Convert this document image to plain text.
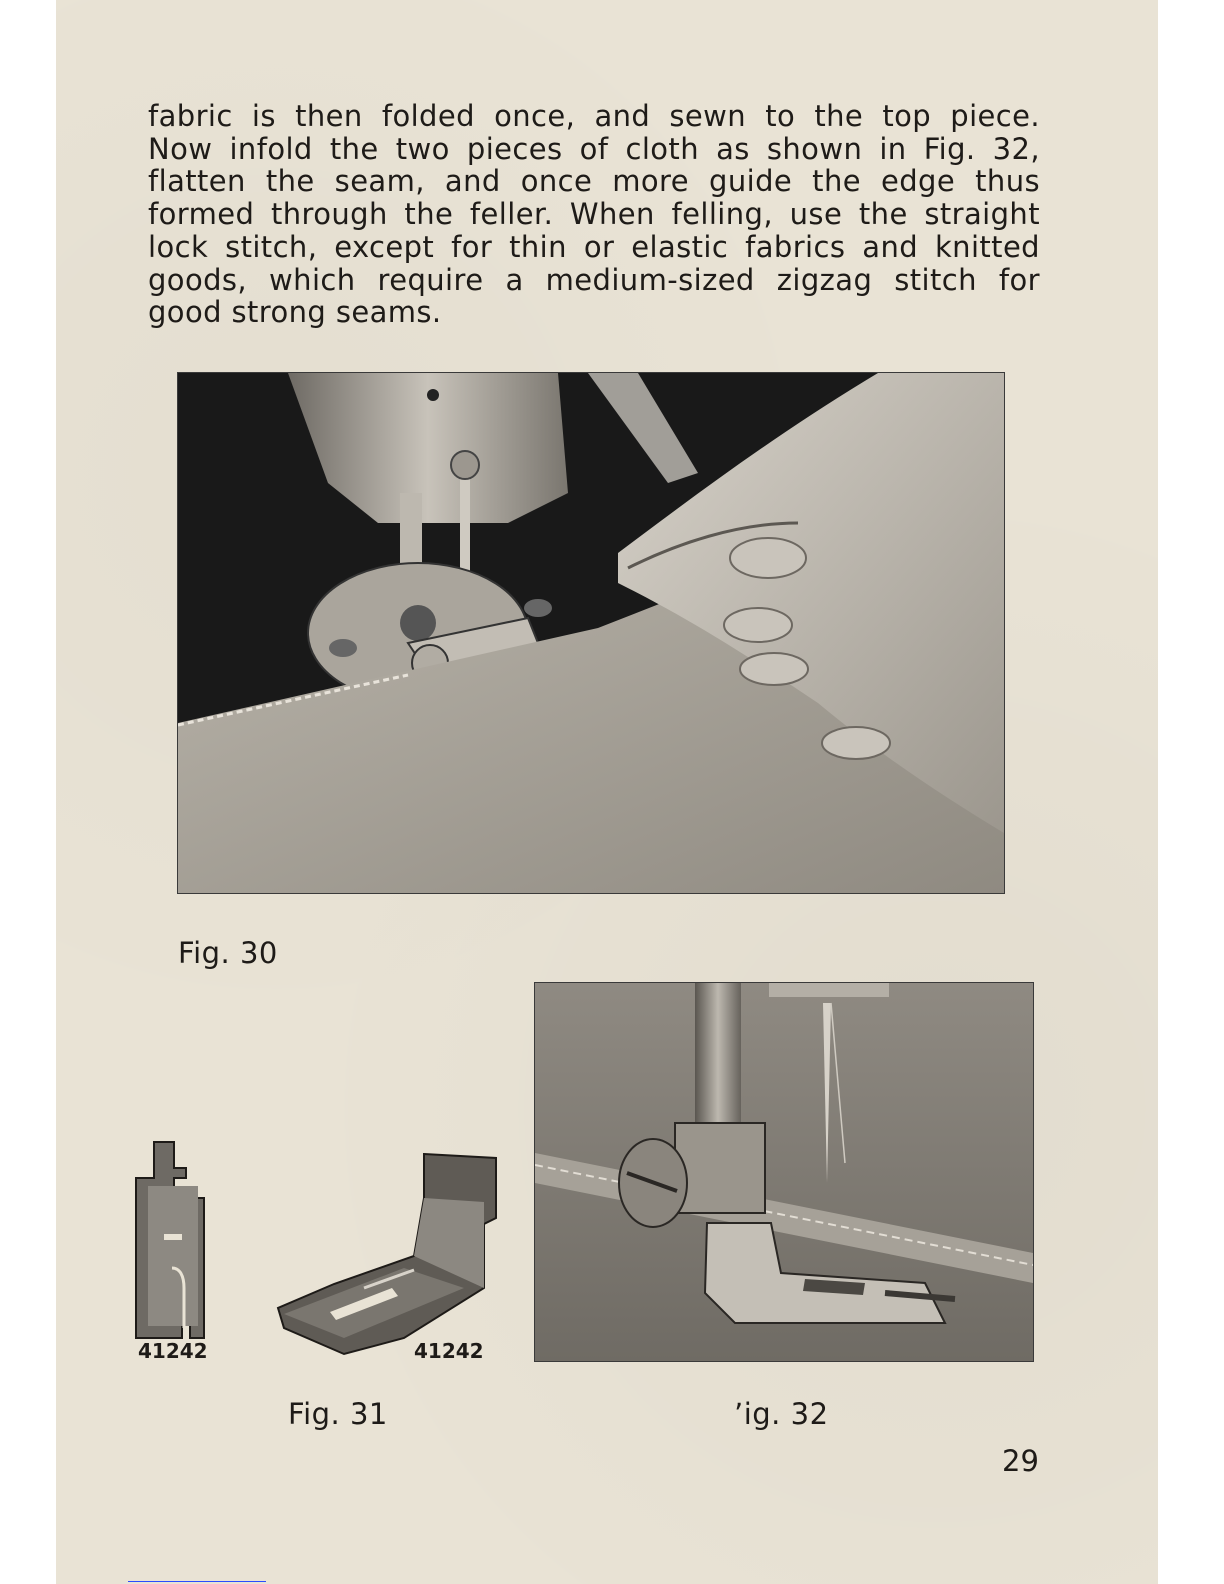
fabric is then folded once, and sewn to the top piece.
Now infold the two pieces of cloth as shown in Fig. 32,
flatten the seam, and once more guide the edge thus
formed through the feller. When felling, use the straight
lock stitch, except for thin or elastic fabrics and knitted
goods, which require a medium-sized zigzag stitch for
good strong seams.

Fig. 30
41242	41242
Fig. 31	ʼig. 32
29
